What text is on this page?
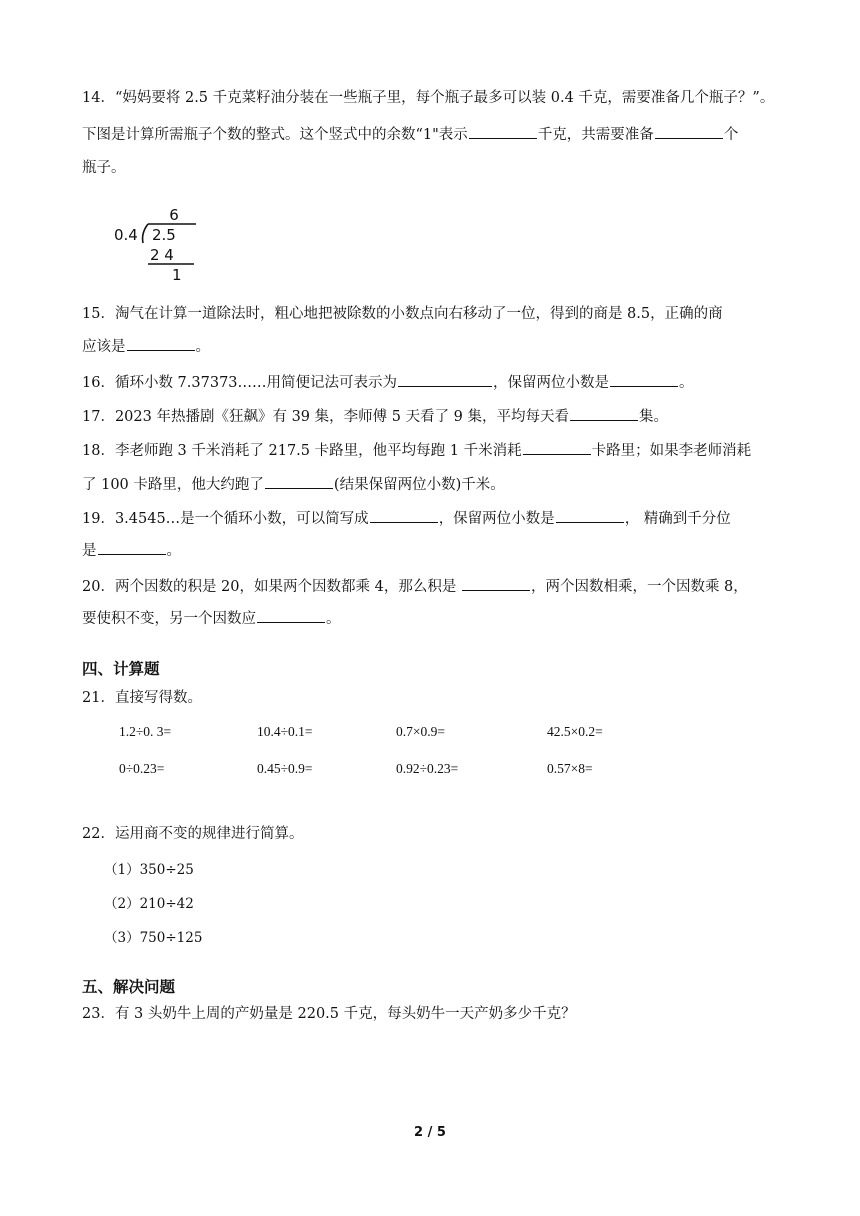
14．“妈妈要将 2.5 千克菜籽油分装在一些瓶子里，每个瓶子最多可以装 0.4 千克，需要准备几个瓶子？”。
下图是计算所需瓶子个数的整式。这个竖式中的余数“1"表示	千克，共需要准备	个
瓶子。
6
0.4 2.5
2 4
1
15．淘气在计算一道除法时，粗心地把被除数的小数点向右移动了一位，得到的商是 8.5，正确的商
应该是	。
16．循环小数 7.37373……用简便记法可表示为	，保留两位小数是	。
17．2023 年热播剧《狂飙》有 39 集，李师傅 5 天看了 9 集，平均每天看	集。
18．李老师跑 3 千米消耗了 217.5 卡路里，他平均每跑 1 千米消耗	卡路里；如果李老师消耗
了 100 卡路里，他大约跑了	(结果保留两位小数)千米。
19．3.4545…是一个循环小数，可以简写成	，保留两位小数是	， 精确到千分位
是	。
20．两个因数的积是 20，如果两个因数都乘 4，那么积是	，两个因数相乘，一个因数乘 8，
要使积不变，另一个因数应	。
四、计算题
21．直接写得数。
1.2÷0. 3=	10.4÷0.1=	0.7×0.9=	42.5×0.2=
0÷0.23=	0.45÷0.9=	0.92÷0.23=	0.57×8=
22．运用商不变的规律进行简算。
（1）350÷25
（2）210÷42
（3）750÷125
五、解决问题
23．有 3 头奶牛上周的产奶量是 220.5 千克，每头奶牛一天产奶多少千克？
2 / 5
